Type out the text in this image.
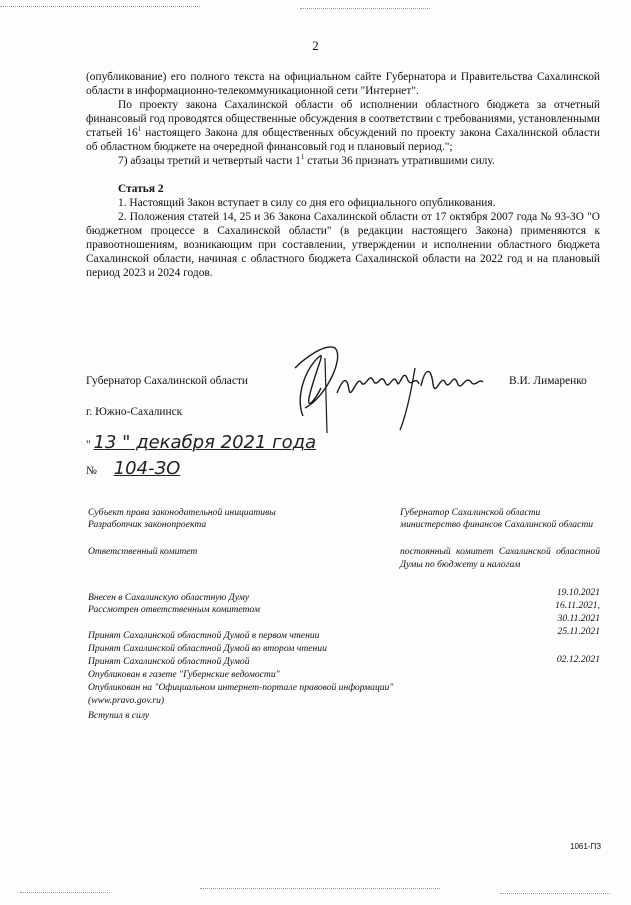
2

(опубликование) его полного текста на официальном сайте Губернатора и Правительства Сахалинской области в информационно-телекоммуникационной сети "Интернет".

По проекту закона Сахалинской области об исполнении областного бюджета за отчетный финансовый год проводятся общественные обсуждения в соответствии с требованиями, установленными статьей $16^1$ настоящего Закона для общественных обсуждений по проекту закона Сахалинской области об областном бюджете на очередной финансовый год и плановый период.";

7) абзацы третий и четвертый части $1^1$ статьи 36 признать утратившими силу.

Статья 2

1. Настоящий Закон вступает в силу со дня его официального опубликования.

2. Положения статей 14, 25 и 36 Закона Сахалинской области от 17 октября 2007 года № 93-ЗО "О бюджетном процессе в Сахалинской области" (в редакции настоящего Закона) применяются к правоотношениям, возникающим при составлении, утверждении и исполнении областного бюджета Сахалинской области, начиная с областного бюджета Сахалинской области на 2022 год и на плановый период 2023 и 2024 годов.

Губернатор Сахалинской области	В.И. Лимаренко
г. Южно-Сахалинск
" 13 " декабря 2021 года
№ 104-ЗО
Субъект права законодательной инициативы	Губернатор Сахалинской области
Разработчик законопроекта	министерство финансов Сахалинской области
Ответственный комитет	постоянный комитет Сахалинской областной Думы по бюджету и налогам
Внесен в Сахалинскую областную Думу	19.10.2021
Рассмотрен ответственным комитетом	16.11.2021,
30.11.2021
Принят Сахалинской областной Думой в первом чтении	25.11.2021
Принят Сахалинской областной Думой во втором чтении
Принят Сахалинской областной Думой	02.12.2021
Опубликован в газете "Губернские ведомости"
Опубликован на "Официальном интернет-портале правовой информации" (www.pravo.gov.ru)
Вступил в силу
1061-ПЗ
